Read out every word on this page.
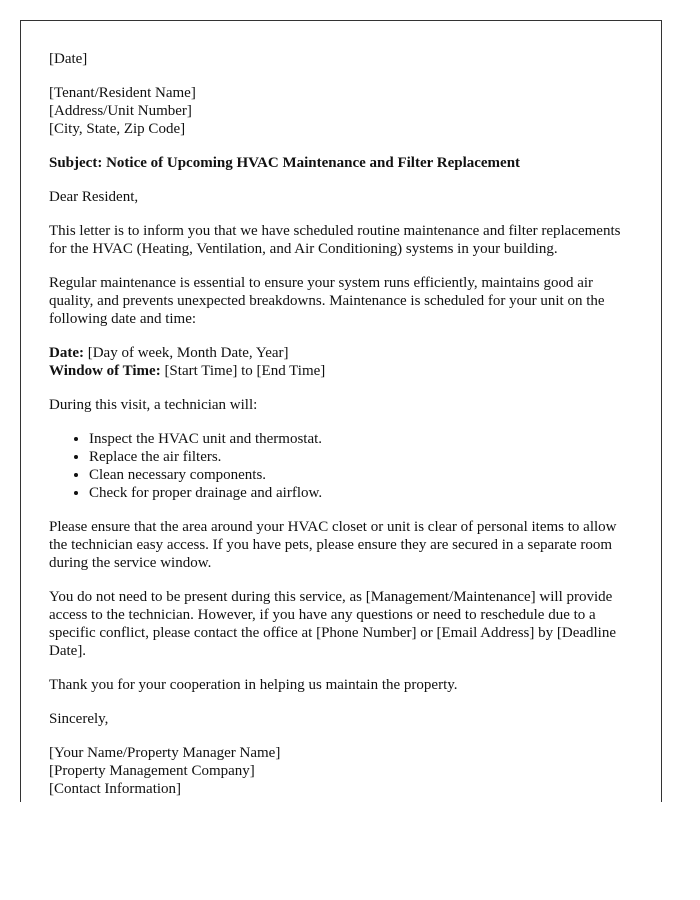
[Date]

[Tenant/Resident Name]
[Address/Unit Number]
[City, State, Zip Code]

Subject: Notice of Upcoming HVAC Maintenance and Filter Replacement

Dear Resident,

This letter is to inform you that we have scheduled routine maintenance and filter replacements for the HVAC (Heating, Ventilation, and Air Conditioning) systems in your building.

Regular maintenance is essential to ensure your system runs efficiently, maintains good air quality, and prevents unexpected breakdowns. Maintenance is scheduled for your unit on the following date and time:

Date: [Day of week, Month Date, Year]
Window of Time: [Start Time] to [End Time]

During this visit, a technician will:

• Inspect the HVAC unit and thermostat.
• Replace the air filters.
• Clean necessary components.
• Check for proper drainage and airflow.

Please ensure that the area around your HVAC closet or unit is clear of personal items to allow the technician easy access. If you have pets, please ensure they are secured in a separate room during the service window.

You do not need to be present during this service, as [Management/Maintenance] will provide access to the technician. However, if you have any questions or need to reschedule due to a specific conflict, please contact the office at [Phone Number] or [Email Address] by [Deadline Date].

Thank you for your cooperation in helping us maintain the property.

Sincerely,

[Your Name/Property Manager Name]
[Property Management Company]
[Contact Information]
